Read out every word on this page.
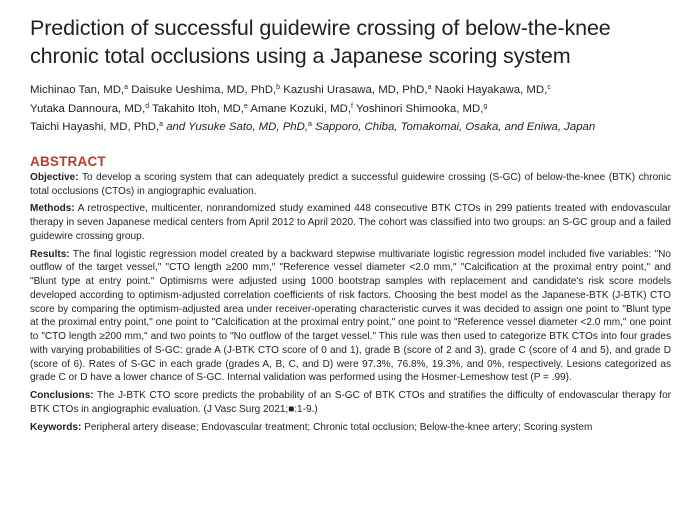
Prediction of successful guidewire crossing of below-the-knee chronic total occlusions using a Japanese scoring system
Michinao Tan, MD,$^a$ Daisuke Ueshima, MD, PhD,$^b$ Kazushi Urasawa, MD, PhD,$^a$ Naoki Hayakawa, MD,$^c$
Yutaka Dannoura, MD,$^d$ Takahito Itoh, MD,$^e$ Amane Kozuki, MD,$^f$ Yoshinori Shimooka, MD,$^g$
Taichi Hayashi, MD, PhD,$^a$ and Yusuke Sato, MD, PhD,$^a$ Sapporo, Chiba, Tomakomai, Osaka, and Eniwa, Japan
ABSTRACT

Objective: To develop a scoring system that can adequately predict a successful guidewire crossing (S-GC) of below-the-knee (BTK) chronic total occlusions (CTOs) in angiographic evaluation.

Methods: A retrospective, multicenter, nonrandomized study examined 448 consecutive BTK CTOs in 299 patients treated with endovascular therapy in seven Japanese medical centers from April 2012 to April 2020. The cohort was classified into two groups: an S-GC group and a failed guidewire crossing group.

Results: The final logistic regression model created by a backward stepwise multivariate logistic regression model included five variables: "No outflow of the target vessel," "CTO length ≥200 mm," "Reference vessel diameter <2.0 mm," "Calcification at the proximal entry point," and "Blunt type at entry point." Optimisms were adjusted using 1000 bootstrap samples with replacement and candidate's risk score models developed according to optimism-adjusted correlation coefficients of risk factors. Choosing the best model as the Japanese-BTK (J-BTK) CTO score by comparing the optimism-adjusted area under receiver-operating characteristic curves it was decided to assign one point to "Blunt type at the proximal entry point," one point to "Calcification at the proximal entry point," one point to "Reference vessel diameter <2.0 mm," one point to "CTO length ≥200 mm," and two points to "No outflow of the target vessel." This rule was then used to categorize BTK CTOs into four grades with varying probabilities of S-GC: grade A (J-BTK CTO score of 0 and 1), grade B (score of 2 and 3), grade C (score of 4 and 5), and grade D (score of 6). Rates of S-GC in each grade (grades A, B, C, and D) were 97.3%, 76.8%, 19.3%, and 0%, respectively. Lesions categorized as grade C or D have a lower chance of S-GC. Internal validation was performed using the Hosmer-Lemeshow test (P = .99).

Conclusions: The J-BTK CTO score predicts the probability of an S-GC of BTK CTOs and stratifies the difficulty of endovascular therapy for BTK CTOs in angiographic evaluation. (J Vasc Surg 2021;■:1-9.)

Keywords: Peripheral artery disease; Endovascular treatment; Chronic total occlusion; Below-the-knee artery; Scoring system
